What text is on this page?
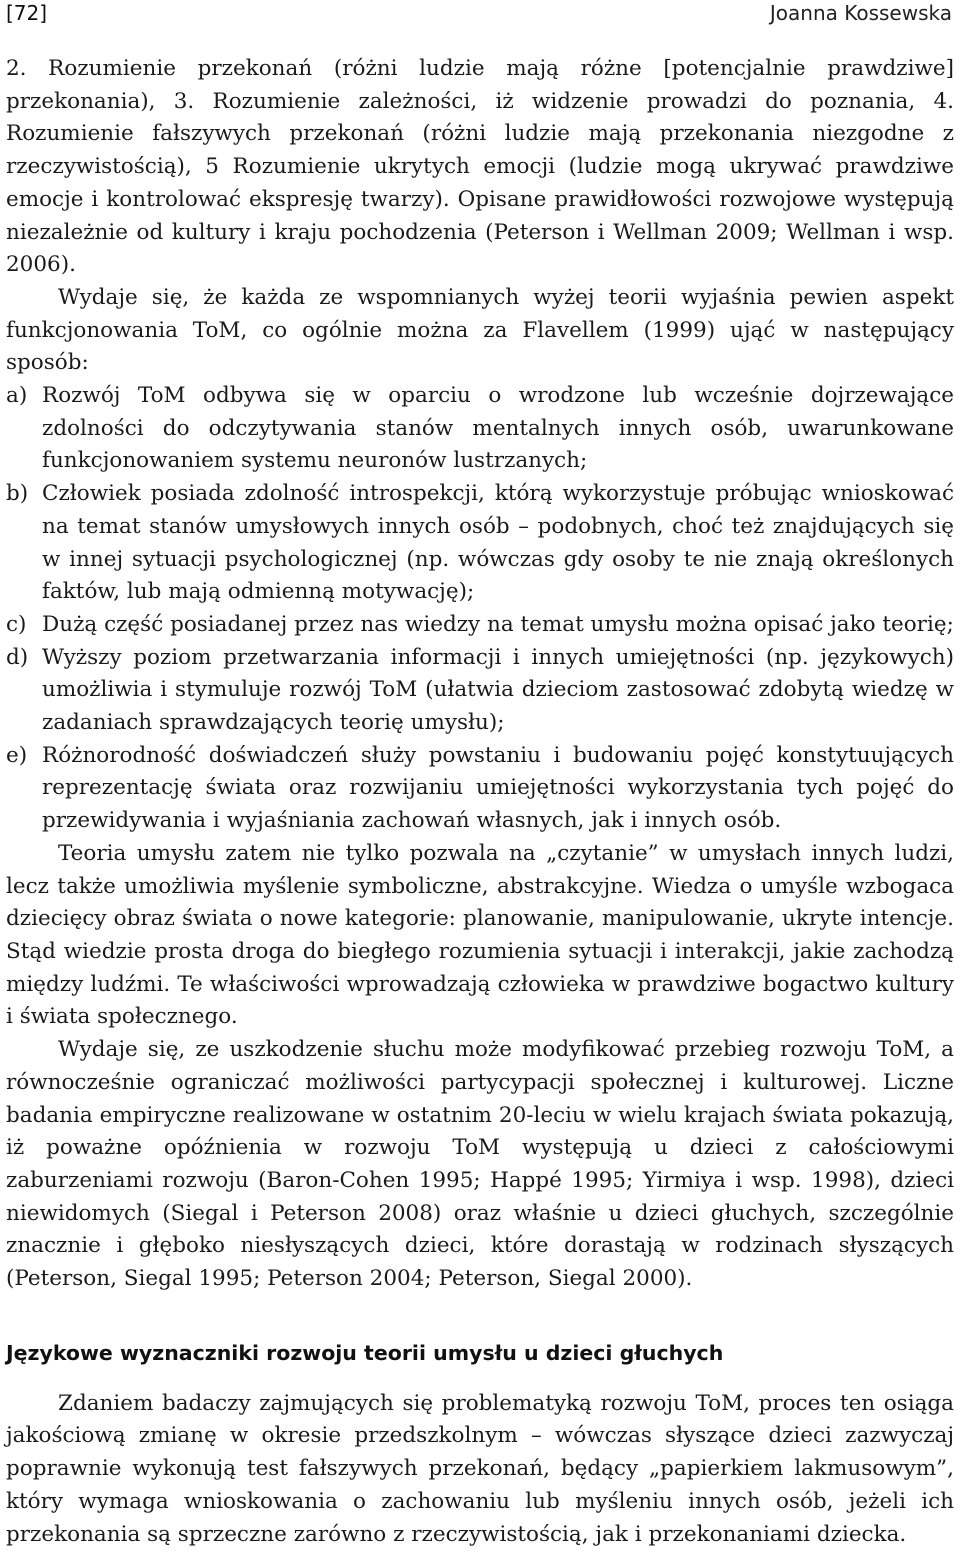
[72]	Joanna Kossewska

2. Rozumienie przekonań (różni ludzie mają różne [potencjalnie prawdziwe] przekonania), 3. Rozumienie zależności, iż widzenie prowadzi do poznania, 4. Rozumienie fałszywych przekonań (różni ludzie mają przekonania niezgodne z rzeczywistością), 5 Rozumienie ukrytych emocji (ludzie mogą ukrywać prawdziwe emocje i kontrolować ekspresję twarzy). Opisane prawidłowości rozwojowe występują niezależnie od kultury i kraju pochodzenia (Peterson i Wellman 2009; Wellman i wsp. 2006).

Wydaje się, że każda ze wspomnianych wyżej teorii wyjaśnia pewien aspekt funkcjonowania ToM, co ogólnie można za Flavellem (1999) ująć w następujący sposób:

a) Rozwój ToM odbywa się w oparciu o wrodzone lub wcześnie dojrzewające zdolności do odczytywania stanów mentalnych innych osób, uwarunkowane funkcjonowaniem systemu neuronów lustrzanych;
b) Człowiek posiada zdolność introspekcji, którą wykorzystuje próbując wnioskować na temat stanów umysłowych innych osób – podobnych, choć też znajdujących się w innej sytuacji psychologicznej (np. wówczas gdy osoby te nie znają określonych faktów, lub mają odmienną motywację);
c) Dużą część posiadanej przez nas wiedzy na temat umysłu można opisać jako teorię;
d) Wyższy poziom przetwarzania informacji i innych umiejętności (np. językowych) umożliwia i stymuluje rozwój ToM (ułatwia dzieciom zastosować zdobytą wiedzę w zadaniach sprawdzających teorię umysłu);
e) Różnorodność doświadczeń służy powstaniu i budowaniu pojęć konstytuujących reprezentację świata oraz rozwijaniu umiejętności wykorzystania tych pojęć do przewidywania i wyjaśniania zachowań własnych, jak i innych osób.

Teoria umysłu zatem nie tylko pozwala na „czytanie” w umysłach innych ludzi, lecz także umożliwia myślenie symboliczne, abstrakcyjne. Wiedza o umyśle wzbogaca dziecięcy obraz świata o nowe kategorie: planowanie, manipulowanie, ukryte intencje. Stąd wiedzie prosta droga do biegłego rozumienia sytuacji i interakcji, jakie zachodzą między ludźmi. Te właściwości wprowadzają człowieka w prawdziwe bogactwo kultury i świata społecznego.

Wydaje się, ze uszkodzenie słuchu może modyfikować przebieg rozwoju ToM, a równocześnie ograniczać możliwości partycypacji społecznej i kulturowej. Liczne badania empiryczne realizowane w ostatnim 20-leciu w wielu krajach świata pokazują, iż poważne opóźnienia w rozwoju ToM występują u dzieci z całościowymi zaburzeniami rozwoju (Baron-Cohen 1995; Happé 1995; Yirmiya i wsp. 1998), dzieci niewidomych (Siegal i Peterson 2008) oraz właśnie u dzieci głuchych, szczególnie znacznie i głęboko niesłyszących dzieci, które dorastają w rodzinach słyszących (Peterson, Siegal 1995; Peterson 2004; Peterson, Siegal 2000).

Językowe wyznaczniki rozwoju teorii umysłu u dzieci głuchych

Zdaniem badaczy zajmujących się problematyką rozwoju ToM, proces ten osiąga jakościową zmianę w okresie przedszkolnym – wówczas słyszące dzieci zazwyczaj poprawnie wykonują test fałszywych przekonań, będący „papierkiem lakmusowym”, który wymaga wnioskowania o zachowaniu lub myśleniu innych osób, jeżeli ich przekonania są sprzeczne zarówno z rzeczywistością, jak i przekonaniami dziecka.
